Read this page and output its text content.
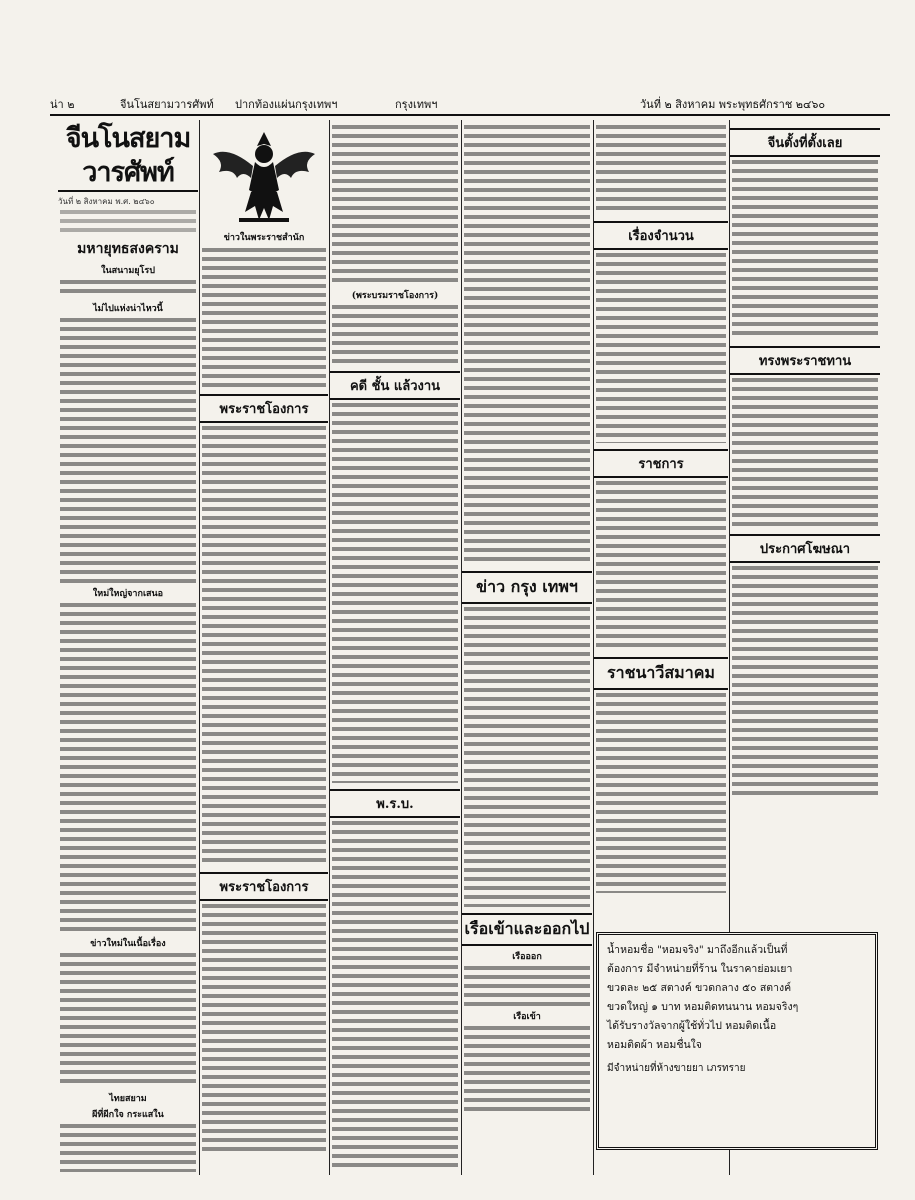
น่า ๒	จีนโนสยามวารศัพท์ ปากท้องแผ่นกรุงเทพฯ	กรุงเทพฯ	วันที่ ๒ สิงหาคม พระพุทธศักราช ๒๔๖๐
จีนโนสยามวารศัพท์
วันที่ ๒ สิงหาคม พ.ศ. ๒๔๖๐
มหายุทธสงคราม
ในสนามยุโรป
ไม่ไปแห่งน่าไหวนี้
ใหม่ใหญ่จากเสนอ
ข่าวใหม่ในเนื้อเรื่อง
ไทยสยาม
ผีที่ผีกใจ กระแสใน
ข่าวในพระราชสำนัก
พระราชโองการ
พระราชโองการ
(พระบรมราชโองการ)
คดี ชั้น แล้วงาน
พ.ร.บ.
ข่าว กรุง เทพฯ
เรือเข้าและออกไป
เรือออก
เรือเข้า
เรื่องจำนวน
ราชการ
ราชนาวีสมาคม
จีนตั้งที่ตั้งเลย
ทรงพระราชทาน
ประกาศโฆษณา
น้ำหอมชื่อ "หอมจริง" มาถึงอีกแล้วเป็นที่
ต้องการ มีจำหน่ายที่ร้าน ในราคาย่อมเยา
ขวดละ ๒๕ สตางค์ ขวดกลาง ๕๐ สตางค์
ขวดใหญ่ ๑ บาท หอมติดทนนาน หอมจริงๆ
ได้รับรางวัลจากผู้ใช้ทั่วไป หอมติดเนื้อ
หอมติดผ้า หอมชื่นใจ
มีจำหน่ายที่ห้างขายยา เภรทราย
